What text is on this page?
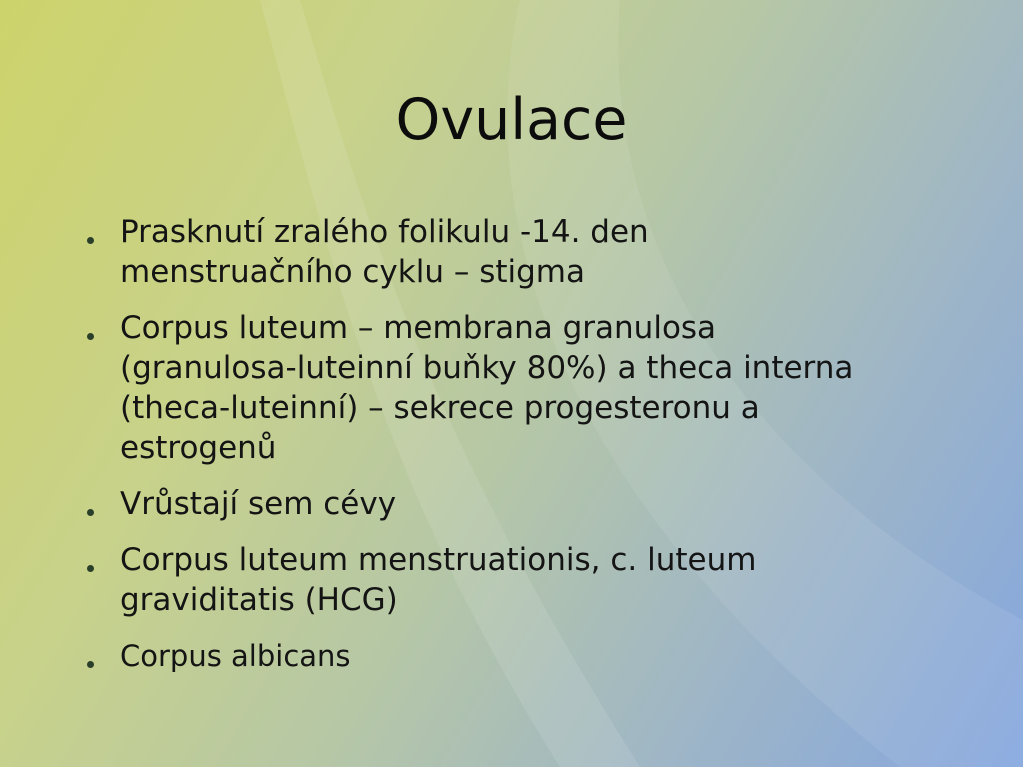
Ovulace
Prasknutí zralého folikulu -14. den menstruačního cyklu – stigma
Corpus luteum – membrana granulosa (granulosa-luteinní buňky 80%) a theca interna (theca-luteinní) – sekrece progesteronu a estrogenů
Vrůstají sem cévy
Corpus luteum menstruationis, c. luteum graviditatis (HCG)
Corpus albicans
